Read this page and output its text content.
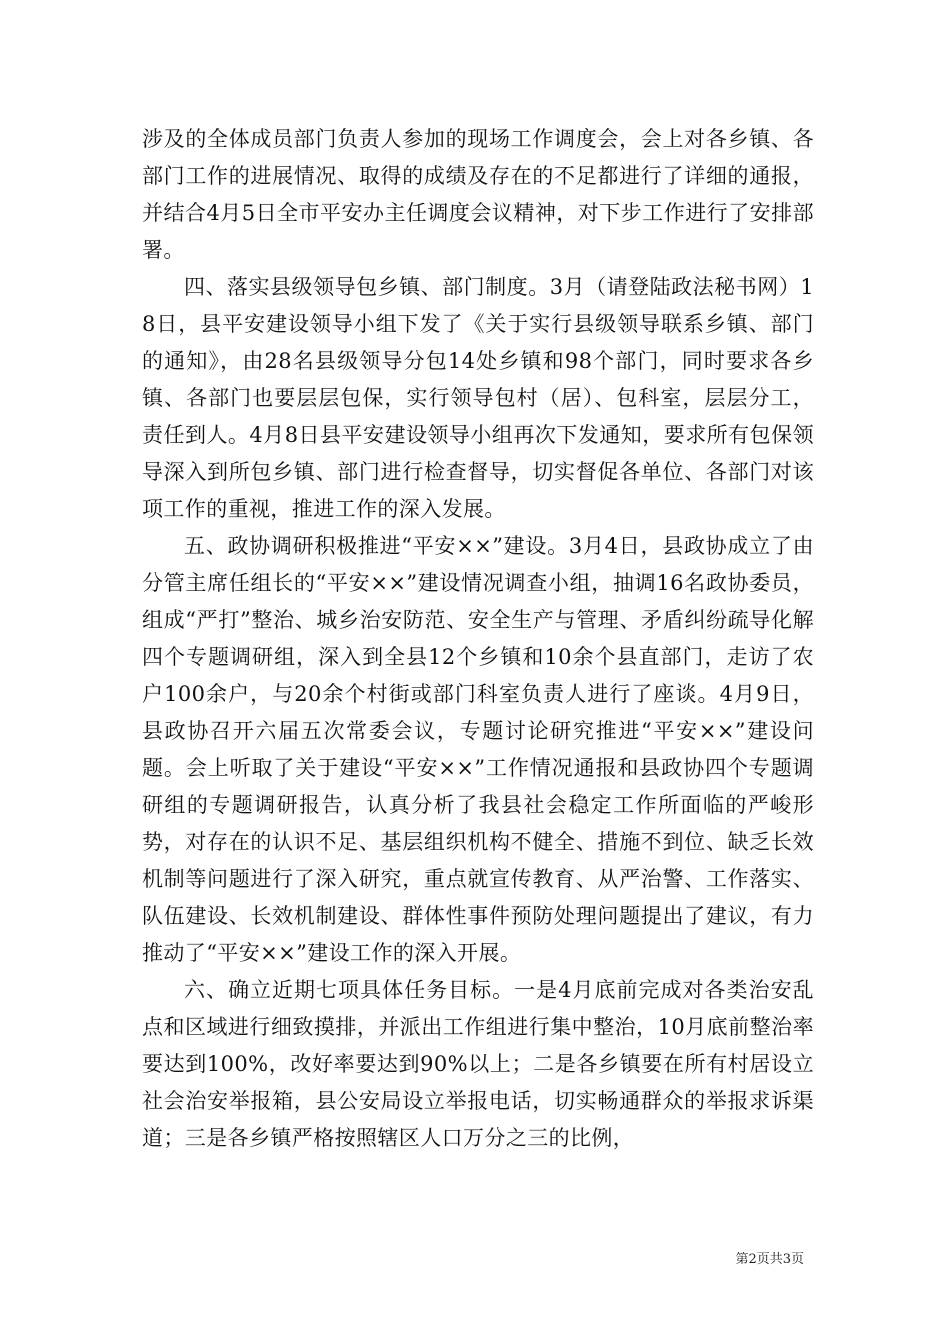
涉及的全体成员部门负责人参加的现场工作调度会，会上对各乡镇、各部门工作的进展情况、取得的成绩及存在的不足都进行了详细的通报，并结合4月5日全市平安办主任调度会议精神，对下步工作进行了安排部署。

四、落实县级领导包乡镇、部门制度。3月（请登陆政法秘书网）18日，县平安建设领导小组下发了《关于实行县级领导联系乡镇、部门的通知》，由28名县级领导分包14处乡镇和98个部门，同时要求各乡镇、各部门也要层层包保，实行领导包村（居）、包科室，层层分工，责任到人。4月8日县平安建设领导小组再次下发通知，要求所有包保领导深入到所包乡镇、部门进行检查督导，切实督促各单位、各部门对该项工作的重视，推进工作的深入发展。

五、政协调研积极推进“平安××”建设。3月4日，县政协成立了由分管主席任组长的“平安××”建设情况调查小组，抽调16名政协委员，组成“严打”整治、城乡治安防范、安全生产与管理、矛盾纠纷疏导化解四个专题调研组，深入到全县12个乡镇和10余个县直部门，走访了农户100余户，与20余个村街或部门科室负责人进行了座谈。4月9日，县政协召开六届五次常委会议，专题讨论研究推进“平安××”建设问题。会上听取了关于建设“平安××”工作情况通报和县政协四个专题调研组的专题调研报告，认真分析了我县社会稳定工作所面临的严峻形势，对存在的认识不足、基层组织机构不健全、措施不到位、缺乏长效机制等问题进行了深入研究，重点就宣传教育、从严治警、工作落实、队伍建设、长效机制建设、群体性事件预防处理问题提出了建议，有力推动了“平安××”建设工作的深入开展。

六、确立近期七项具体任务目标。一是4月底前完成对各类治安乱点和区域进行细致摸排，并派出工作组进行集中整治，10月底前整治率要达到100%，改好率要达到90%以上；二是各乡镇要在所有村居设立社会治安举报箱，县公安局设立举报电话，切实畅通群众的举报求诉渠道；三是各乡镇严格按照辖区人口万分之三的比例，

第2页共3页
